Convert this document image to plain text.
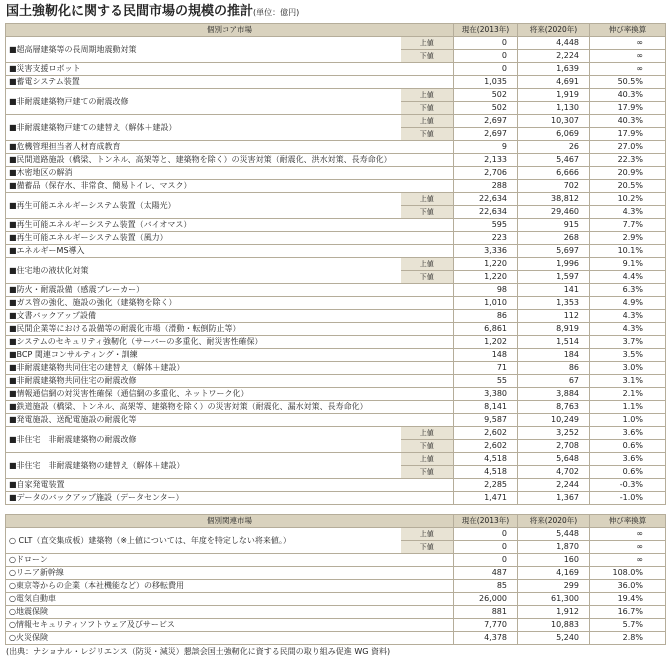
国土強靭化に関する民間市場の規模の推計(単位：億円)
個別コア市場		現在(2013年)	将来(2020年)	伸び率換算
■超高層建築等の長周期地震動対策	上値	0	4,448	∞
	下値	0	2,224	∞
■災害支援ロボット		0	1,639	∞
■蓄電システム装置		1,035	4,691	50.5%
■非耐震建築物戸建ての耐震改修	上値	502	1,919	40.3%
	下値	502	1,130	17.9%
■非耐震建築物戸建ての建替え（解体＋建設）	上値	2,697	10,307	40.3%
	下値	2,697	6,069	17.9%
■危機管理担当者人材育成教育		9	26	27.0%
■民間道路施設（橋梁、トンネル、高架等と、建築物を除く）の災害対策（耐震化、洪水対策、長寿命化）		2,133	5,467	22.3%
■木密地区の解消		2,706	6,666	20.9%
■備蓄品（保存水、非常食、簡易トイレ、マスク）		288	702	20.5%
■再生可能エネルギーシステム装置（太陽光）	上値	22,634	38,812	10.2%
	下値	22,634	29,460	4.3%
■再生可能エネルギーシステム装置（バイオマス）		595	915	7.7%
■再生可能エネルギーシステム装置（風力）		223	268	2.9%
■エネルギーMS導入		3,336	5,697	10.1%
■住宅地の液状化対策	上値	1,220	1,996	9.1%
	下値	1,220	1,597	4.4%
■防火・耐震設備（感震ブレーカー）		98	141	6.3%
■ガス管の強化、施設の強化（建築物を除く）		1,010	1,353	4.9%
■文書バックアップ設備		86	112	4.3%
■民間企業等における設備等の耐震化市場（滑動・転倒防止等）		6,861	8,919	4.3%
■システムのセキュリティ強靭化（サーバーの多重化、耐災害性確保）		1,202	1,514	3.7%
■BCP 関連コンサルティング・訓練		148	184	3.5%
■非耐震建築物共同住宅の建替え（解体＋建設）		71	86	3.0%
■非耐震建築物共同住宅の耐震改修		55	67	3.1%
■情報通信網の対災害性確保（通信網の多重化、ネットワーク化）		3,380	3,884	2.1%
■鉄道施設（橋梁、トンネル、高架等、建築物を除く）の災害対策（耐震化、漏水対策、長寿命化）		8,141	8,763	1.1%
■発電施設、送配電施設の耐震化等		9,587	10,249	1.0%
■非住宅　非耐震建築物の耐震改修	上値	2,602	3,252	3.6%
	下値	2,602	2,708	0.6%
■非住宅　非耐震建築物の建替え（解体＋建設）	上値	4,518	5,648	3.6%
	下値	4,518	4,702	0.6%
■自家発電装置		2,285	2,244	-0.3%
■データのバックアップ施設（データセンター）		1,471	1,367	-1.0%
個別関連市場		現在(2013年)	将来(2020年)	伸び率換算
○ CLT（直交集成板）建築物（※上値については、年度を特定しない将来値。）	上値	0	5,448	∞
	下値	0	1,870	∞
○ドローン		0	160	∞
○リニア新幹線		487	4,169	108.0%
○東京等からの企業（本社機能など）の移転費用		85	299	36.0%
○電気自動車		26,000	61,300	19.4%
○地震保険		881	1,912	16.7%
○情報セキュリティソフトウェア及びサービス		7,770	10,883	5.7%
○火災保険		4,378	5,240	2.8%
(出典：ナショナル・レジリエンス（防災・減災）懇談会国土強靭化に資する民間の取り組み促進 WG 資料)
